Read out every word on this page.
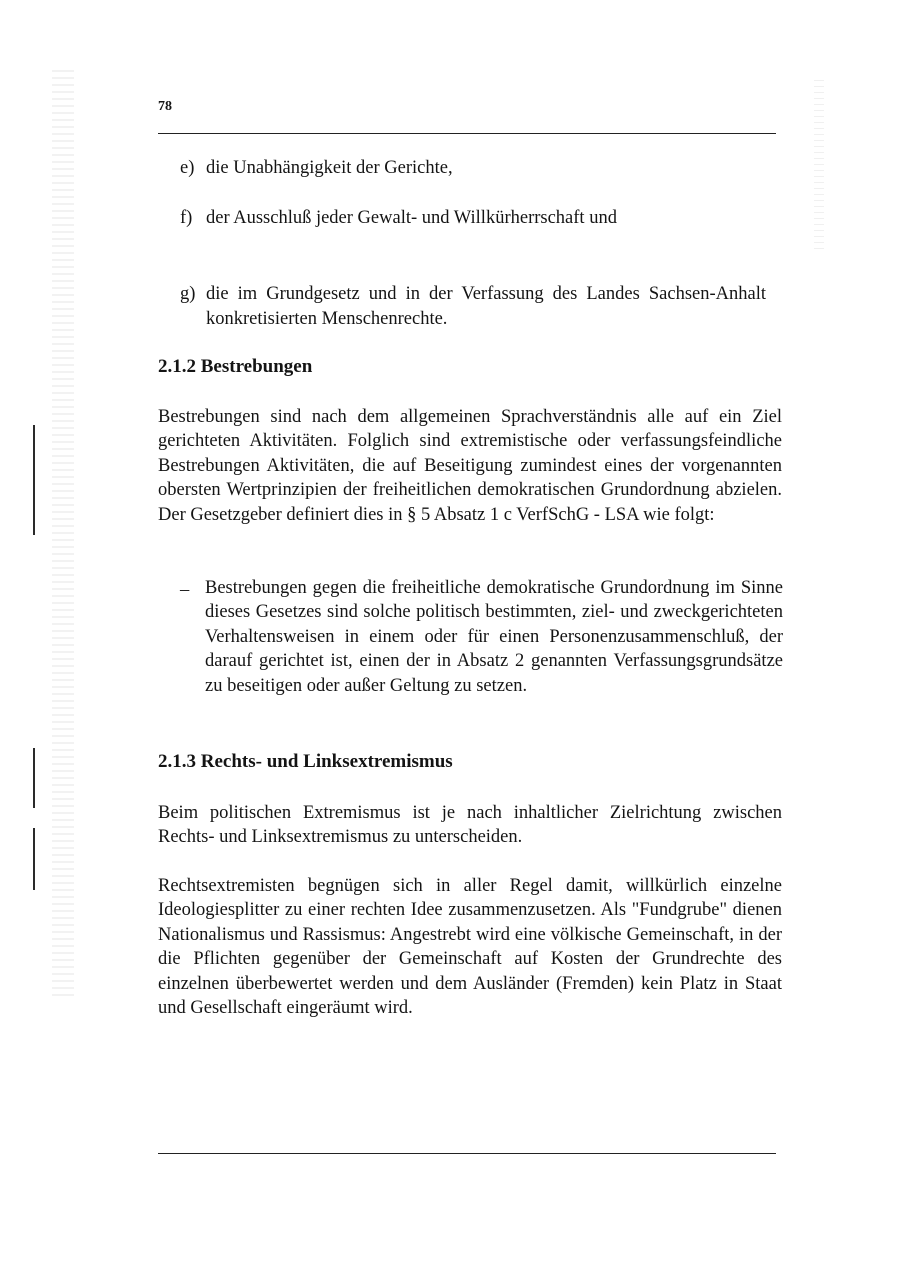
78
e) die Unabhängigkeit der Gerichte,
f) der Ausschluß jeder Gewalt- und Willkürherrschaft und
g) die im Grundgesetz und in der Verfassung des Landes Sachsen-Anhalt konkretisierten Menschenrechte.
2.1.2 Bestrebungen

Bestrebungen sind nach dem allgemeinen Sprachverständnis alle auf ein Ziel gerichteten Aktivitäten. Folglich sind extremistische oder verfassungsfeindliche Bestrebungen Aktivitäten, die auf Beseitigung zumindest eines der vorgenannten obersten Wertprinzipien der freiheitlichen demokratischen Grundordnung abzielen. Der Gesetzgeber definiert dies in § 5 Absatz 1 c VerfSchG - LSA wie folgt:

– Bestrebungen gegen die freiheitliche demokratische Grundordnung im Sinne dieses Gesetzes sind solche politisch bestimmten, ziel- und zweckgerichteten Verhaltensweisen in einem oder für einen Personenzusammenschluß, der darauf gerichtet ist, einen der in Absatz 2 genannten Verfassungsgrundsätze zu beseitigen oder außer Geltung zu setzen.

2.1.3 Rechts- und Linksextremismus

Beim politischen Extremismus ist je nach inhaltlicher Zielrichtung zwischen Rechts- und Linksextremismus zu unterscheiden.

Rechtsextremisten begnügen sich in aller Regel damit, willkürlich einzelne Ideologiesplitter zu einer rechten Idee zusammenzusetzen. Als "Fundgrube" dienen Nationalismus und Rassismus: Angestrebt wird eine völkische Gemeinschaft, in der die Pflichten gegenüber der Gemeinschaft auf Kosten der Grundrechte des einzelnen überbewertet werden und dem Ausländer (Fremden) kein Platz in Staat und Gesellschaft eingeräumt wird.
